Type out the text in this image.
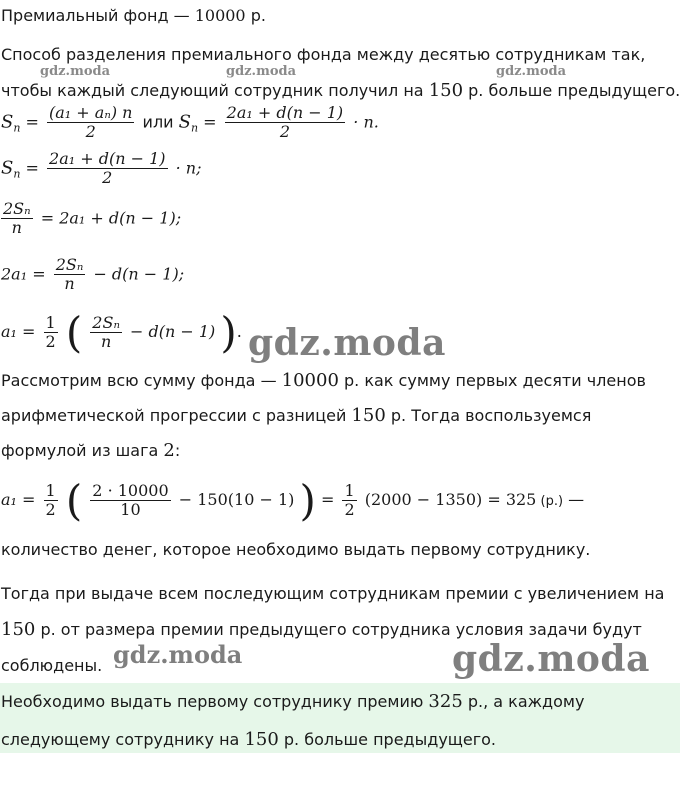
Премиальный фонд — 10000 р.
Способ разделения премиального фонда между десятью сотрудникам так,
чтобы каждый следующий сотрудник получил на 150 р. больше предыдущего.
$S_n = \frac{\text{(a₁ + aₙ) n}}{2}$ или $S_n = \frac{\text{2a₁ + d(n − 1)}}{2} \cdot n$.
$S_n = \frac{\text{2a₁ + d(n − 1)}}{2} \cdot n$;
$\frac{\text{2Sₙ}}{n} = 2a_1 + d(n - 1)$;
$2a_1 = \frac{\text{2Sₙ}}{n} - d(n - 1)$;
$a_1 = \frac{1}{2}$ ( $\frac{\text{2Sₙ}}{n} - d(n - 1)$ ).
Рассмотрим всю сумму фонда — 10000 р. как сумму первых десяти членов
арифметической прогрессии с разницей 150 р. Тогда воспользуемся
формулой из шага 2:
$a_1 = \frac{1}{2}$ ( $\frac{2 \cdot 10000}{10} - 150(10 - 1)$ ) = $\frac{1}{2} (2000 - 1350) = 325$ (р.) —
количество денег, которое необходимо выдать первому сотруднику.
Тогда при выдаче всем последующим сотрудникам премии с увеличением на
150 р. от размера премии предыдущего сотрудника условия задачи будут
соблюдены.
Необходимо выдать первому сотруднику премию 325 р., а каждому
следующему сотруднику на 150 р. больше предыдущего.
gdz.moda	gdz.moda	gdz.moda
gdz.moda
gdz.moda	gdz.moda
